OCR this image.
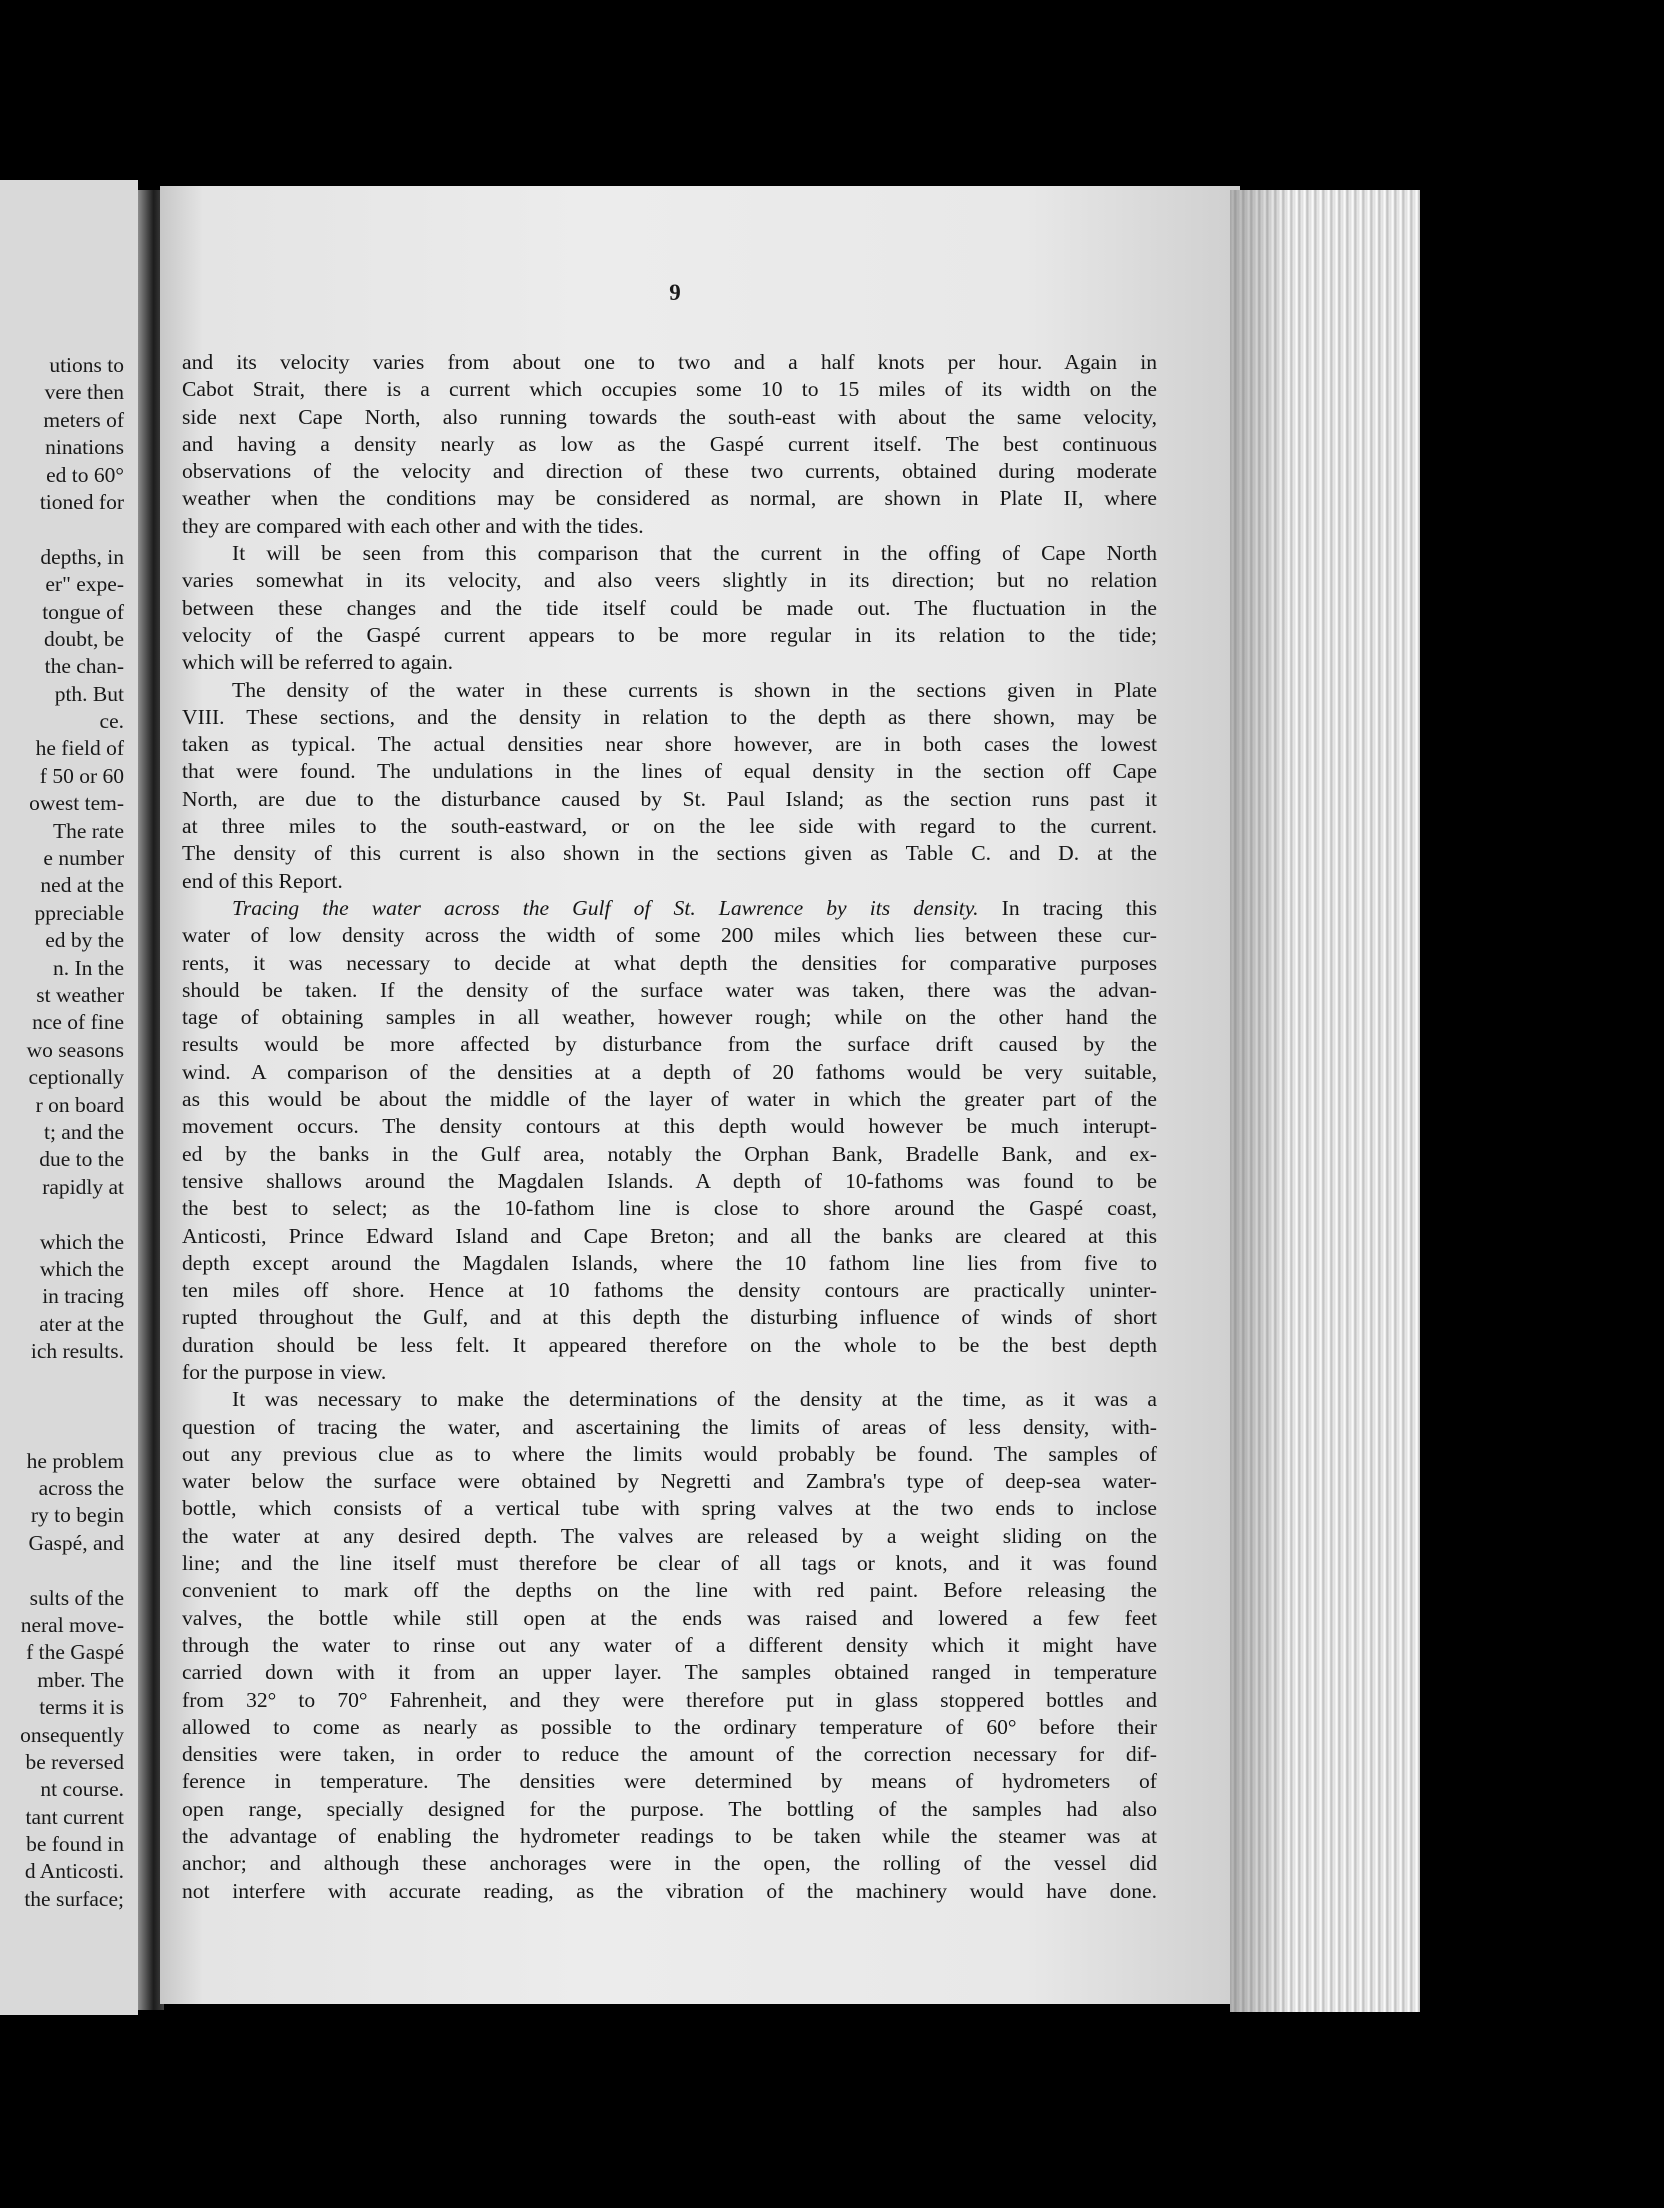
utions to
vere then
meters of
ninations
ed to 60°
tioned for
depths, in
er" expe-
tongue of
doubt, be
the chan-
pth. But
ce.
he field of
f 50 or 60
owest tem-
The rate
e number
ned at the
ppreciable
ed by the
n. In the
st weather
nce of fine
wo seasons
ceptionally
r on board
t; and the
due to the
rapidly at
which the
which the
in tracing
ater at the
ich results.
he problem
across the
ry to begin
Gaspé, and
sults of the
neral move-
f the Gaspé
mber. The
terms it is
onsequently
be reversed
nt course.
tant current
be found in
d Anticosti.
the surface;
9
and its velocity varies from about one to two and a half knots per hour. Again in
Cabot Strait, there is a current which occupies some 10 to 15 miles of its width on the
side next Cape North, also running towards the south-east with about the same velocity,
and having a density nearly as low as the Gaspé current itself. The best continuous
observations of the velocity and direction of these two currents, obtained during moderate
weather when the conditions may be considered as normal, are shown in Plate II, where
they are compared with each other and with the tides.
It will be seen from this comparison that the current in the offing of Cape North
varies somewhat in its velocity, and also veers slightly in its direction; but no relation
between these changes and the tide itself could be made out. The fluctuation in the
velocity of the Gaspé current appears to be more regular in its relation to the tide;
which will be referred to again.
The density of the water in these currents is shown in the sections given in Plate
VIII. These sections, and the density in relation to the depth as there shown, may be
taken as typical. The actual densities near shore however, are in both cases the lowest
that were found. The undulations in the lines of equal density in the section off Cape
North, are due to the disturbance caused by St. Paul Island; as the section runs past it
at three miles to the south-eastward, or on the lee side with regard to the current.
The density of this current is also shown in the sections given as Table C. and D. at the
end of this Report.
Tracing the water across the Gulf of St. Lawrence by its density. In tracing this
water of low density across the width of some 200 miles which lies between these cur-
rents, it was necessary to decide at what depth the densities for comparative purposes
should be taken. If the density of the surface water was taken, there was the advan-
tage of obtaining samples in all weather, however rough; while on the other hand the
results would be more affected by disturbance from the surface drift caused by the
wind. A comparison of the densities at a depth of 20 fathoms would be very suitable,
as this would be about the middle of the layer of water in which the greater part of the
movement occurs. The density contours at this depth would however be much interupt-
ed by the banks in the Gulf area, notably the Orphan Bank, Bradelle Bank, and ex-
tensive shallows around the Magdalen Islands. A depth of 10-fathoms was found to be
the best to select; as the 10-fathom line is close to shore around the Gaspé coast,
Anticosti, Prince Edward Island and Cape Breton; and all the banks are cleared at this
depth except around the Magdalen Islands, where the 10 fathom line lies from five to
ten miles off shore. Hence at 10 fathoms the density contours are practically uninter-
rupted throughout the Gulf, and at this depth the disturbing influence of winds of short
duration should be less felt. It appeared therefore on the whole to be the best depth
for the purpose in view.
It was necessary to make the determinations of the density at the time, as it was a
question of tracing the water, and ascertaining the limits of areas of less density, with-
out any previous clue as to where the limits would probably be found. The samples of
water below the surface were obtained by Negretti and Zambra's type of deep-sea water-
bottle, which consists of a vertical tube with spring valves at the two ends to inclose
the water at any desired depth. The valves are released by a weight sliding on the
line; and the line itself must therefore be clear of all tags or knots, and it was found
convenient to mark off the depths on the line with red paint. Before releasing the
valves, the bottle while still open at the ends was raised and lowered a few feet
through the water to rinse out any water of a different density which it might have
carried down with it from an upper layer. The samples obtained ranged in temperature
from 32° to 70° Fahrenheit, and they were therefore put in glass stoppered bottles and
allowed to come as nearly as possible to the ordinary temperature of 60° before their
densities were taken, in order to reduce the amount of the correction necessary for dif-
ference in temperature. The densities were determined by means of hydrometers of
open range, specially designed for the purpose. The bottling of the samples had also
the advantage of enabling the hydrometer readings to be taken while the steamer was at
anchor; and although these anchorages were in the open, the rolling of the vessel did
not interfere with accurate reading, as the vibration of the machinery would have done.
